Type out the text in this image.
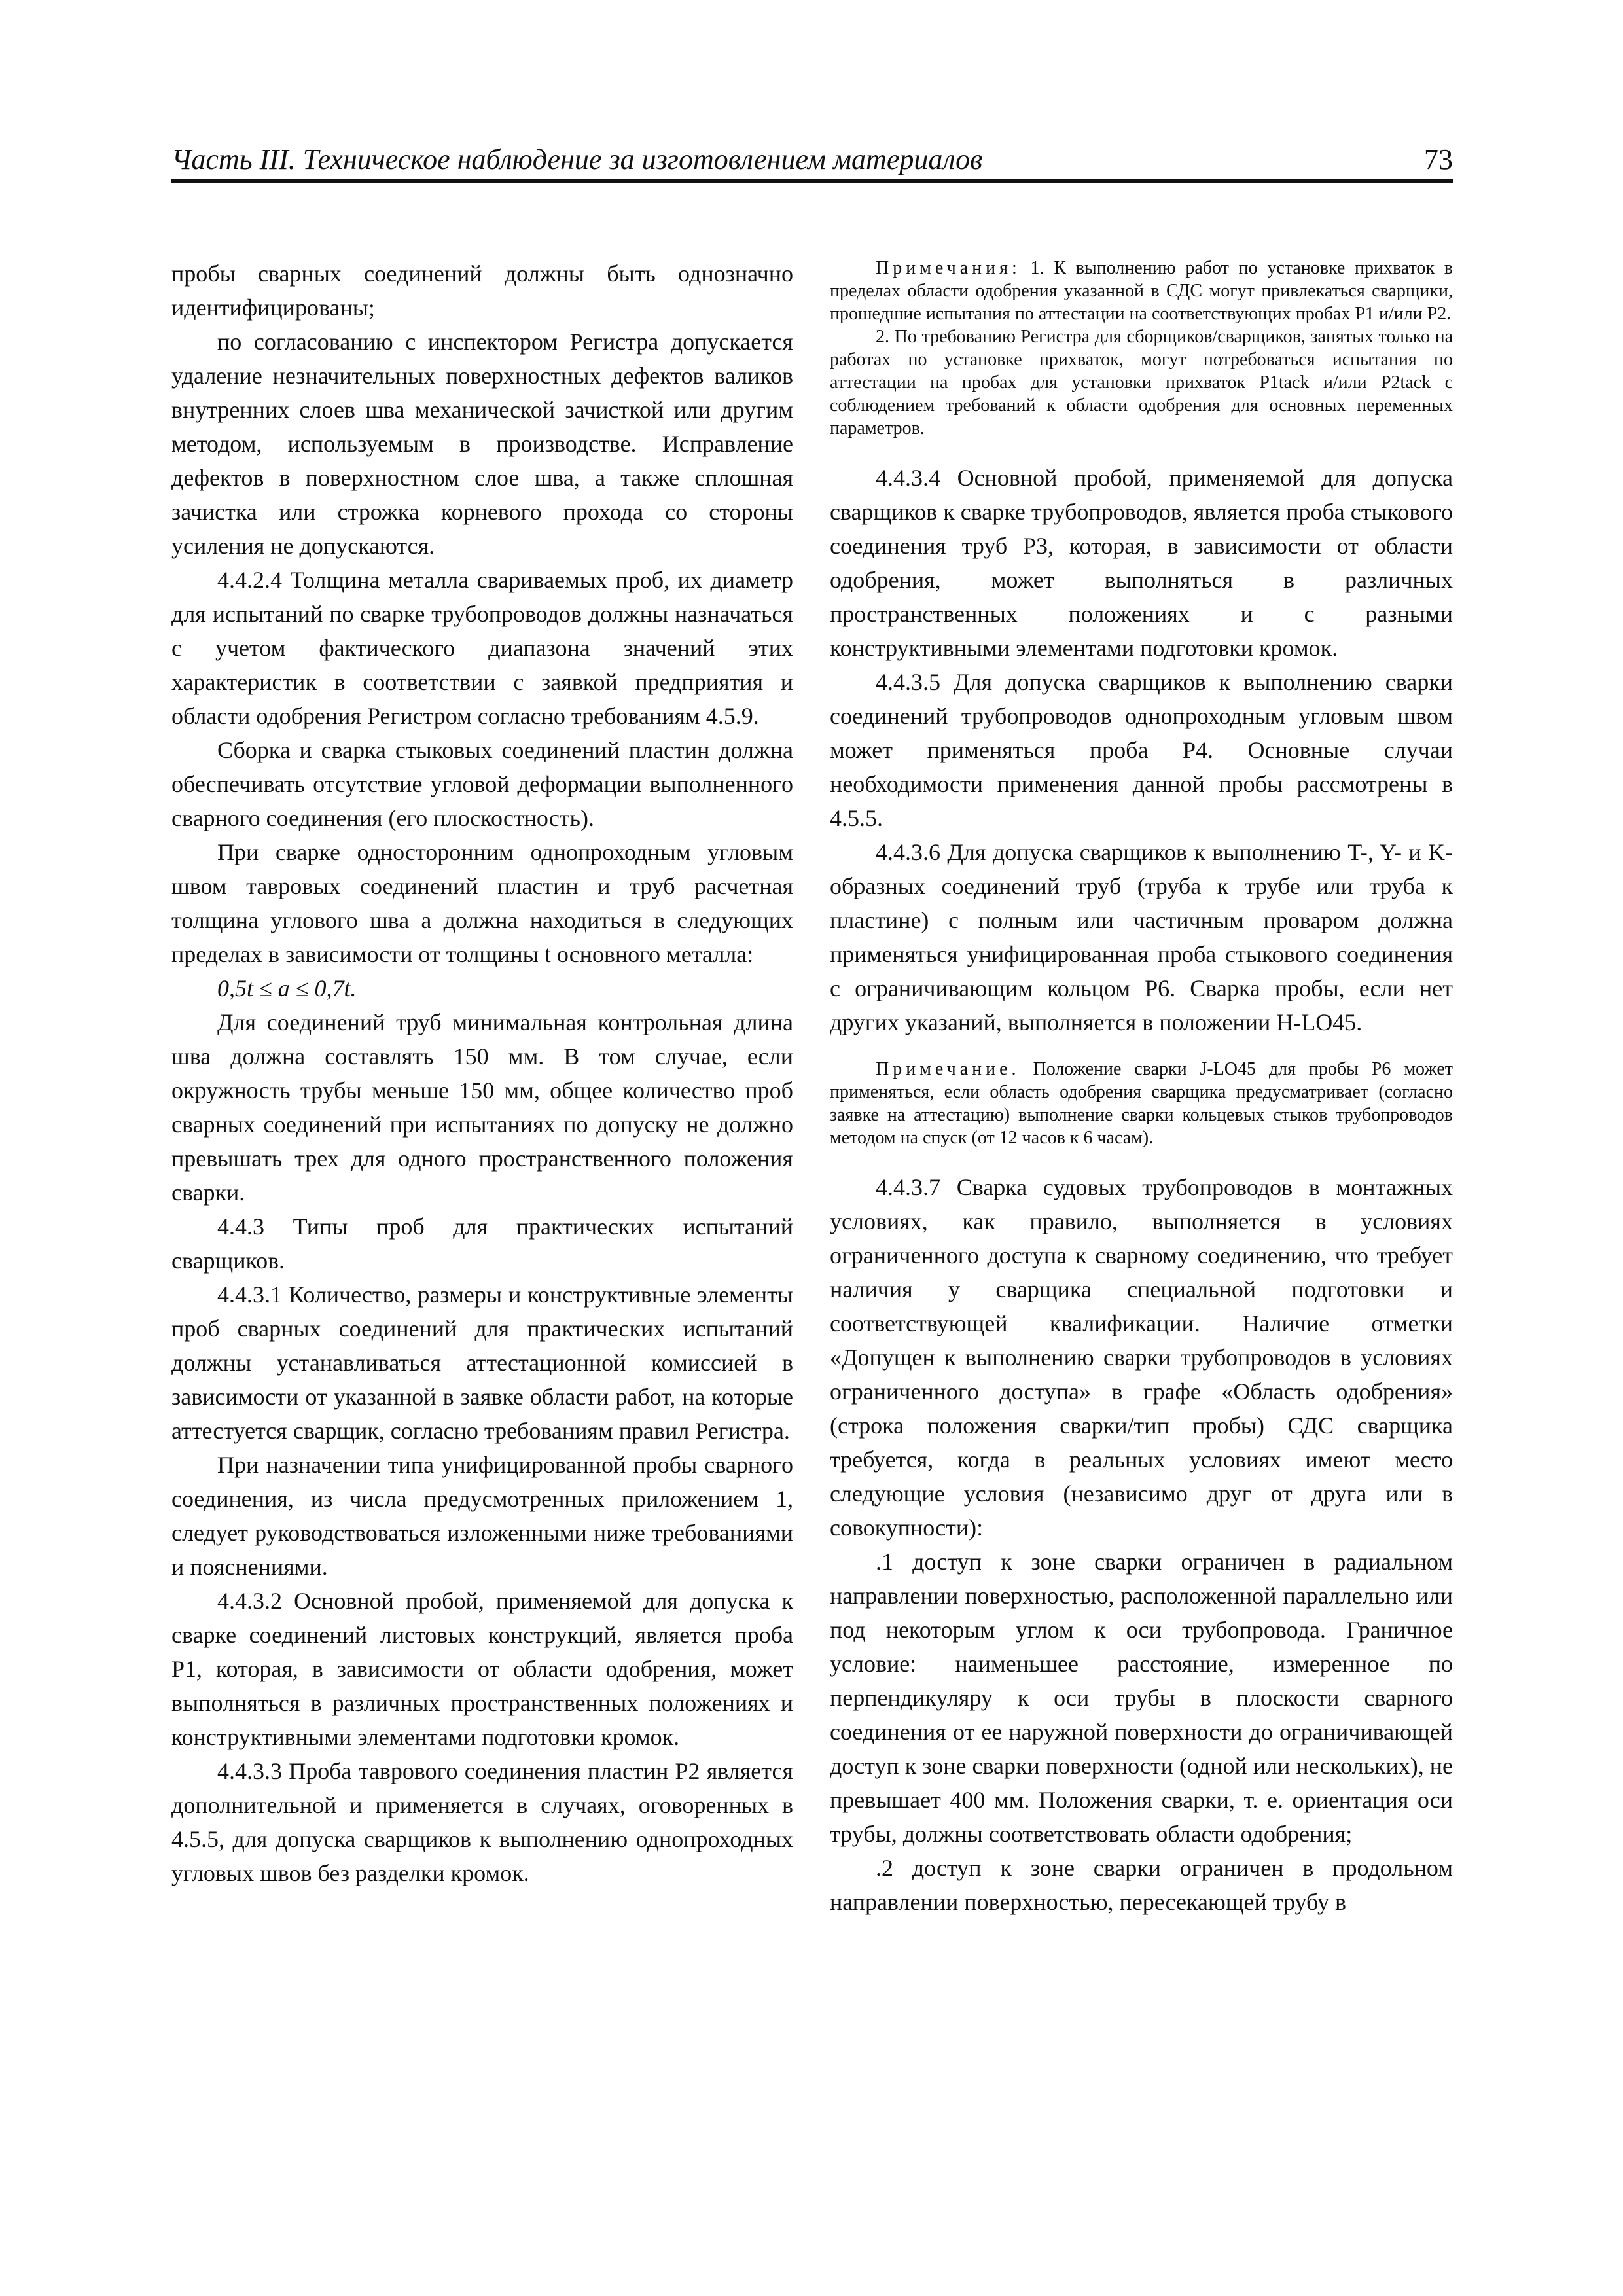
Часть III. Техническое наблюдение за изготовлением материалов	73

пробы сварных соединений должны быть однозначно идентифицированы;

по согласованию с инспектором Регистра допускается удаление незначительных поверхностных дефектов валиков внутренних слоев шва механической зачисткой или другим методом, используемым в производстве. Исправление дефектов в поверхностном слое шва, а также сплошная зачистка или строжка корневого прохода со стороны усиления не допускаются.

4.4.2.4 Толщина металла свариваемых проб, их диаметр для испытаний по сварке трубопроводов должны назначаться с учетом фактического диапазона значений этих характеристик в соответствии с заявкой предприятия и области одобрения Регистром согласно требованиям 4.5.9.

Сборка и сварка стыковых соединений пластин должна обеспечивать отсутствие угловой деформации выполненного сварного соединения (его плоскостность).

При сварке односторонним однопроходным угловым швом тавровых соединений пластин и труб расчетная толщина углового шва a должна находиться в следующих пределах в зависимости от толщины t основного металла:

0,5t ≤ a ≤ 0,7t.

Для соединений труб минимальная контрольная длина шва должна составлять 150 мм. В том случае, если окружность трубы меньше 150 мм, общее количество проб сварных соединений при испытаниях по допуску не должно превышать трех для одного пространственного положения сварки.

4.4.3 Типы проб для практических испытаний сварщиков.

4.4.3.1 Количество, размеры и конструктивные элементы проб сварных соединений для практических испытаний должны устанавливаться аттестационной комиссией в зависимости от указанной в заявке области работ, на которые аттестуется сварщик, согласно требованиям правил Регистра.

При назначении типа унифицированной пробы сварного соединения, из числа предусмотренных приложением 1, следует руководствоваться изложенными ниже требованиями и пояснениями.

4.4.3.2 Основной пробой, применяемой для допуска к сварке соединений листовых конструкций, является проба P1, которая, в зависимости от области одобрения, может выполняться в различных пространственных положениях и конструктивными элементами подготовки кромок.

4.4.3.3 Проба таврового соединения пластин P2 является дополнительной и применяется в случаях, оговоренных в 4.5.5, для допуска сварщиков к выполнению однопроходных угловых швов без разделки кромок.

Примечания: 1. К выполнению работ по установке прихваток в пределах области одобрения указанной в СДС могут привлекаться сварщики, прошедшие испытания по аттестации на соответствующих пробах P1 и/или P2.

2. По требованию Регистра для сборщиков/сварщиков, занятых только на работах по установке прихваток, могут потребоваться испытания по аттестации на пробах для установки прихваток P1tack и/или P2tack с соблюдением требований к области одобрения для основных переменных параметров.

4.4.3.4 Основной пробой, применяемой для допуска сварщиков к сварке трубопроводов, является проба стыкового соединения труб P3, которая, в зависимости от области одобрения, может выполняться в различных пространственных положениях и с разными конструктивными элементами подготовки кромок.

4.4.3.5 Для допуска сварщиков к выполнению сварки соединений трубопроводов однопроходным угловым швом может применяться проба P4. Основные случаи необходимости применения данной пробы рассмотрены в 4.5.5.

4.4.3.6 Для допуска сварщиков к выполнению T-, Y- и K-образных соединений труб (труба к трубе или труба к пластине) с полным или частичным проваром должна применяться унифицированная проба стыкового соединения с ограничивающим кольцом P6. Сварка пробы, если нет других указаний, выполняется в положении H-LO45.

Примечание. Положение сварки J-LO45 для пробы P6 может применяться, если область одобрения сварщика предусматривает (согласно заявке на аттестацию) выполнение сварки кольцевых стыков трубопроводов методом на спуск (от 12 часов к 6 часам).

4.4.3.7 Сварка судовых трубопроводов в монтажных условиях, как правило, выполняется в условиях ограниченного доступа к сварному соединению, что требует наличия у сварщика специальной подготовки и соответствующей квалификации. Наличие отметки «Допущен к выполнению сварки трубопроводов в условиях ограниченного доступа» в графе «Область одобрения» (строка положения сварки/тип пробы) СДС сварщика требуется, когда в реальных условиях имеют место следующие условия (независимо друг от друга или в совокупности):

.1 доступ к зоне сварки ограничен в радиальном направлении поверхностью, расположенной параллельно или под некоторым углом к оси трубопровода. Граничное условие: наименьшее расстояние, измеренное по перпендикуляру к оси трубы в плоскости сварного соединения от ее наружной поверхности до ограничивающей доступ к зоне сварки поверхности (одной или нескольких), не превышает 400 мм. Положения сварки, т. е. ориентация оси трубы, должны соответствовать области одобрения;

.2 доступ к зоне сварки ограничен в продольном направлении поверхностью, пересекающей трубу в
